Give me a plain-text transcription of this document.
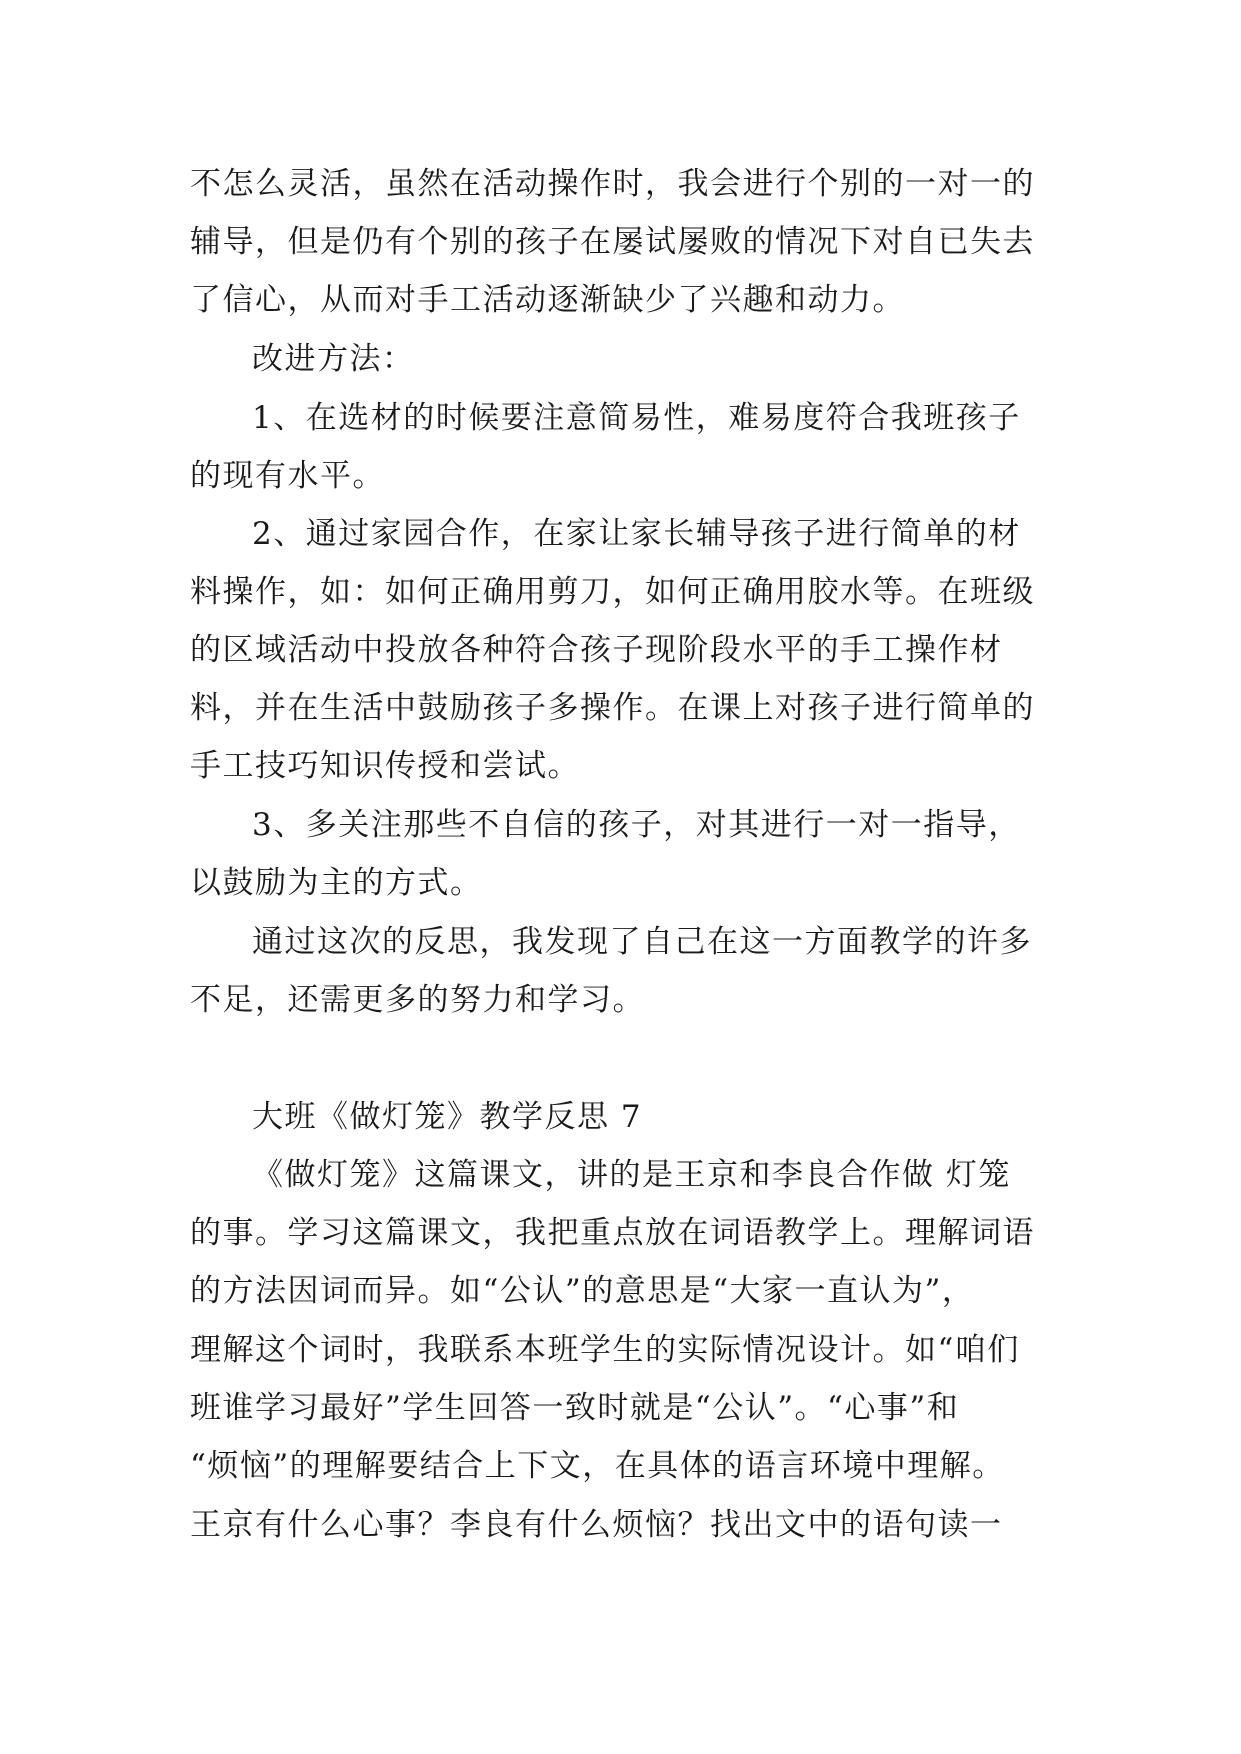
不怎么灵活，虽然在活动操作时，我会进行个别的一对一的
辅导，但是仍有个别的孩子在屡试屡败的情况下对自已失去
了信心，从而对手工活动逐渐缺少了兴趣和动力。
改进方法：
1、在选材的时候要注意简易性，难易度符合我班孩子
的现有水平。
2、通过家园合作，在家让家长辅导孩子进行简单的材
料操作，如：如何正确用剪刀，如何正确用胶水等。在班级
的区域活动中投放各种符合孩子现阶段水平的手工操作材
料，并在生活中鼓励孩子多操作。在课上对孩子进行简单的
手工技巧知识传授和尝试。
3、多关注那些不自信的孩子，对其进行一对一指导，
以鼓励为主的方式。
通过这次的反思，我发现了自己在这一方面教学的许多
不足，还需更多的努力和学习。
大班《做灯笼》教学反思 7
《做灯笼》这篇课文，讲的是王京和李良合作做 灯笼
的事。学习这篇课文，我把重点放在词语教学上。理解词语
的方法因词而异。如“公认”的意思是“大家一直认为”，
理解这个词时，我联系本班学生的实际情况设计。如“咱们
班谁学习最好”学生回答一致时就是“公认”。“心事”和
“烦恼”的理解要结合上下文，在具体的语言环境中理解。
王京有什么心事？李良有什么烦恼？找出文中的语句读一
